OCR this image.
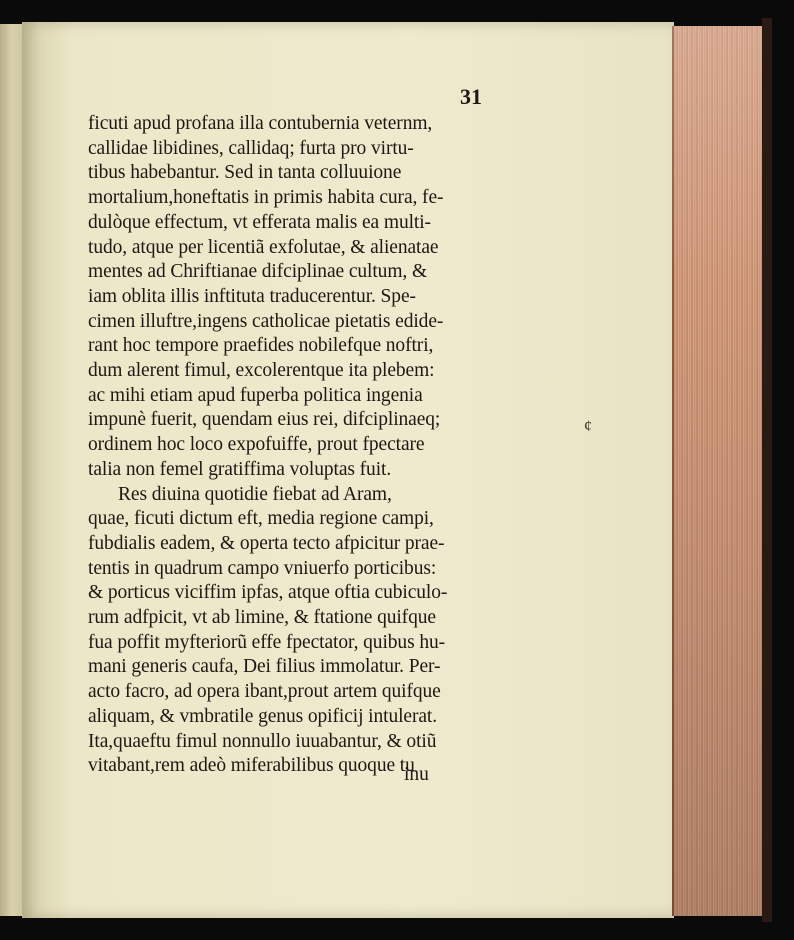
31
ficuti apud profana illa contubernia veternm,
callidae libidines, callidaq; furta pro virtu-
tibus habebantur. Sed in tanta colluuione
mortalium,honeftatis in primis habita cura, fe-
dulòque effectum, vt efferata malis ea multi-
tudo, atque per licentiã exfolutae, & alienatae
mentes ad Chriftianae difciplinae cultum, &
iam oblita illis inftituta traducerentur. Spe-
cimen illuftre,ingens catholicae pietatis edide-
rant hoc tempore praefides nobilefque noftri,
dum alerent fimul, excolerentque ita plebem:
ac mihi etiam apud fuperba politica ingenia
impunè fuerit, quendam eius rei, difciplinaeq;
ordinem hoc loco expofuiffe, prout fpectare
talia non femel gratiffima voluptas fuit.
Res diuina quotidie fiebat ad Aram,
quae, ficuti dictum eft, media regione campi,
fubdialis eadem, & operta tecto afpicitur prae-
tentis in quadrum campo vniuerfo porticibus:
& porticus viciffim ipfas, atque oftia cubiculo-
rum adfpicit, vt ab limine, & ftatione quifque
fua poffit myfteriorũ effe fpectator, quibus hu-
mani generis caufa, Dei filius immolatur. Per-
acto facro, ad opera ibant,prout artem quifque
aliquam, & vmbratile genus opificij intulerat.
Ita,quaeftu fimul nonnullo iuuabantur, & otiũ
vitabant,rem adeò miferabilibus quoque tu
inu
¢
